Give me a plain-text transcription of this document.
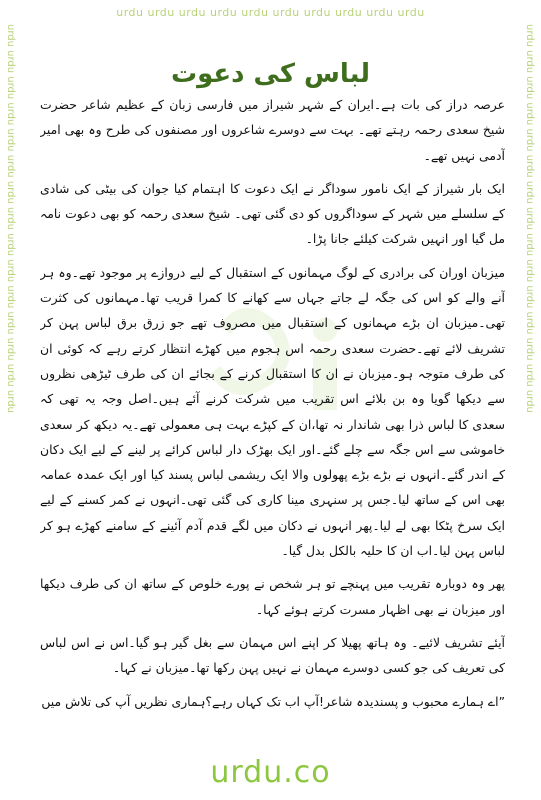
urdu urdu urdu urdu urdu urdu urdu urdu urdu urdu
urdu urdu urdu urdu urdu urdu urdu urdu urdu urdu urdu urdu urdu urdu urdu	urdu urdu urdu urdu urdu urdu urdu urdu urdu urdu urdu urdu urdu urdu urdu
لباس کی دعوت

عرصہ دراز کی بات ہے۔ایران کے شہر شیراز میں فارسی زبان کے عظیم شاعر حضرت شیخ سعدی رحمہ رہتے تھے۔ بہت سے دوسرے شاعروں اور مصنفوں کی طرح وہ بھی امیر آدمی نہیں تھے۔

ایک بار شیراز کے ایک نامور سوداگر نے ایک دعوت کا اہتمام کیا جوان کی بیٹی کی شادی کے سلسلے میں شہر کے سوداگروں کو دی گئی تھی۔ شیخ سعدی رحمہ کو بھی دعوت نامہ مل گیا اور انہیں شرکت کیلئے جانا پڑا۔

میزبان اوران کی برادری کے لوگ مہمانوں کے استقبال کے لیے دروازے پر موجود تھے۔وہ ہر آنے والے کو اس کی جگہ لے جاتے جہاں سے کھانے کا کمرا قریب تھا۔مہمانوں کی کثرت تھی۔میزبان ان بڑے مہمانوں کے استقبال میں مصروف تھے جو زرق برق لباس پہن کر تشریف لائے تھے۔حضرت سعدی رحمہ اس ہجوم میں کھڑے انتظار کرتے رہے کہ کوئی ان کی طرف متوجہ ہو۔میزبان نے ان کا استقبال کرنے کے بجائے ان کی طرف ٹیڑھی نظروں سے دیکھا گویا وہ بن بلائے اس تقریب میں شرکت کرنے آئے ہیں۔اصل وجہ یہ تھی کہ سعدی کا لباس ذرا بھی شاندار نہ تھا،ان کے کپڑے بہت ہی معمولی تھے۔یہ دیکھ کر سعدی خاموشی سے اس جگہ سے چلے گئے۔اور ایک بھڑک دار لباس کرائے پر لینے کے لیے ایک دکان کے اندر گئے۔انہوں نے بڑے بڑے پھولوں والا ایک ریشمی لباس پسند کیا اور ایک عمدہ عمامہ بھی اس کے ساتھ لیا۔جس پر سنہری مینا کاری کی گئی تھی۔انہوں نے کمر کسنے کے لیے ایک سرخ پٹکا بھی لے لیا۔پھر انہوں نے دکان میں لگے قدم آدم آئینے کے سامنے کھڑے ہو کر لباس پہن لیا۔اب ان کا حلیہ بالکل بدل گیا۔

پھر وہ دوبارہ تقریب میں پہنچے تو ہر شخص نے پورے خلوص کے ساتھ ان کی طرف دیکھا اور میزبان نے بھی اظہار مسرت کرتے ہوئے کہا۔

آیئے تشریف لائیے۔ وہ ہاتھ پھیلا کر اپنے اس مہمان سے بغل گیر ہو گیا۔اس نے اس لباس کی تعریف کی جو کسی دوسرے مہمان نے نہیں پہن رکھا تھا۔میزبان نے کہا۔

”اے ہمارے محبوب و پسندیدہ شاعر!آپ اب تک کہاں رہے؟ہماری نظریں آپ کی تلاش میں

urdu.co
